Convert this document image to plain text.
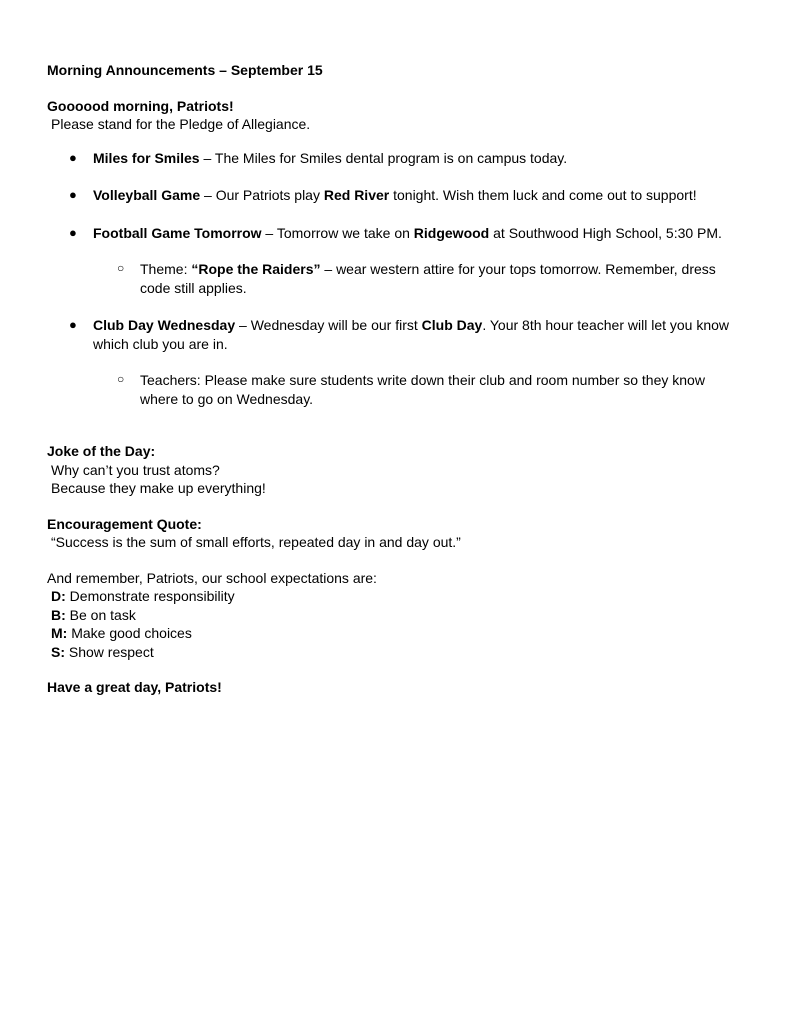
Morning Announcements – September 15
Goooood morning, Patriots!
Please stand for the Pledge of Allegiance.
● Miles for Smiles – The Miles for Smiles dental program is on campus today.
● Volleyball Game – Our Patriots play Red River tonight. Wish them luck and come out to support!
● Football Game Tomorrow – Tomorrow we take on Ridgewood at Southwood High School, 5:30 PM.
○ Theme: “Rope the Raiders” – wear western attire for your tops tomorrow. Remember, dress
code still applies.
● Club Day Wednesday – Wednesday will be our first Club Day. Your 8th hour teacher will let you know
which club you are in.
○ Teachers: Please make sure students write down their club and room number so they know
where to go on Wednesday.
Joke of the Day:
Why can’t you trust atoms?
Because they make up everything!
Encouragement Quote:
“Success is the sum of small efforts, repeated day in and day out.”
And remember, Patriots, our school expectations are:
D: Demonstrate responsibility
B: Be on task
M: Make good choices
S: Show respect
Have a great day, Patriots!
